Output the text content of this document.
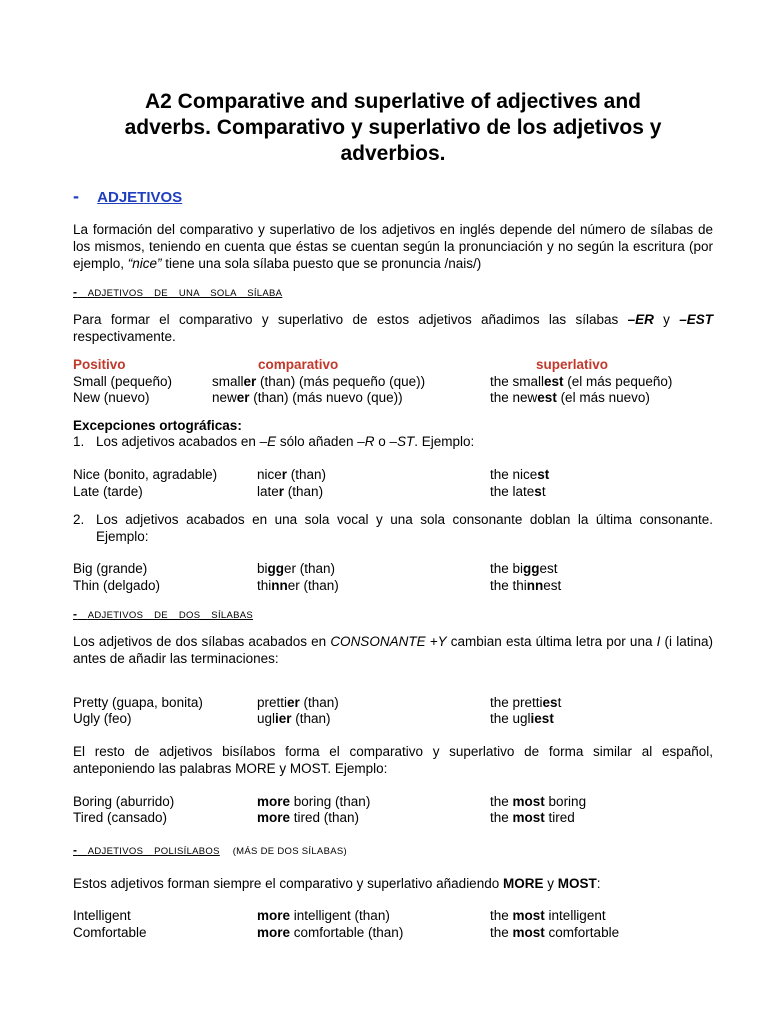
A2 Comparative and superlative of adjectives and
adverbs. Comparativo y superlativo de los adjetivos y
adverbios.
- ADJETIVOS
La formación del comparativo y superlativo de los adjetivos en inglés depende del número de sílabas de los mismos, teniendo en cuenta que éstas se cuentan según la pronunciación y no según la escritura (por ejemplo, “nice” tiene una sola sílaba puesto que se pronuncia /nais/)
- ADJETIVOS DE UNA SOLA SÍLABA
Para formar el comparativo y superlativo de estos adjetivos añadimos las sílabas –ER y –EST respectivamente.
Positivo	comparativo	superlativo
Small (pequeño)	smaller (than) (más pequeño (que))	the smallest (el más pequeño)
New (nuevo)	newer (than) (más nuevo (que))	the newest (el más nuevo)
Excepciones ortográficas:
1. Los adjetivos acabados en –E sólo añaden –R o –ST. Ejemplo:
Nice (bonito, agradable)	nicer (than)	the nicest
Late (tarde)	later (than)	the latest
2. Los adjetivos acabados en una sola vocal y una sola consonante doblan la última consonante. Ejemplo:
Big (grande)	bigger (than)	the biggest
Thin (delgado)	thinner (than)	the thinnest
- ADJETIVOS DE DOS SÍLABAS
Los adjetivos de dos sílabas acabados en CONSONANTE +Y cambian esta última letra por una I (i latina) antes de añadir las terminaciones:
Pretty (guapa, bonita)	prettier (than)	the prettiest
Ugly (feo)	uglier (than)	the ugliest
El resto de adjetivos bisílabos forma el comparativo y superlativo de forma similar al español, anteponiendo las palabras MORE y MOST. Ejemplo:
Boring (aburrido)	more boring (than)	the most boring
Tired (cansado)	more tired (than)	the most tired
- ADJETIVOS POLISÍLABOS (MÁS DE DOS SÍLABAS)
Estos adjetivos forman siempre el comparativo y superlativo añadiendo MORE y MOST:
Intelligent	more intelligent (than)	the most intelligent
Comfortable	more comfortable (than)	the most comfortable
